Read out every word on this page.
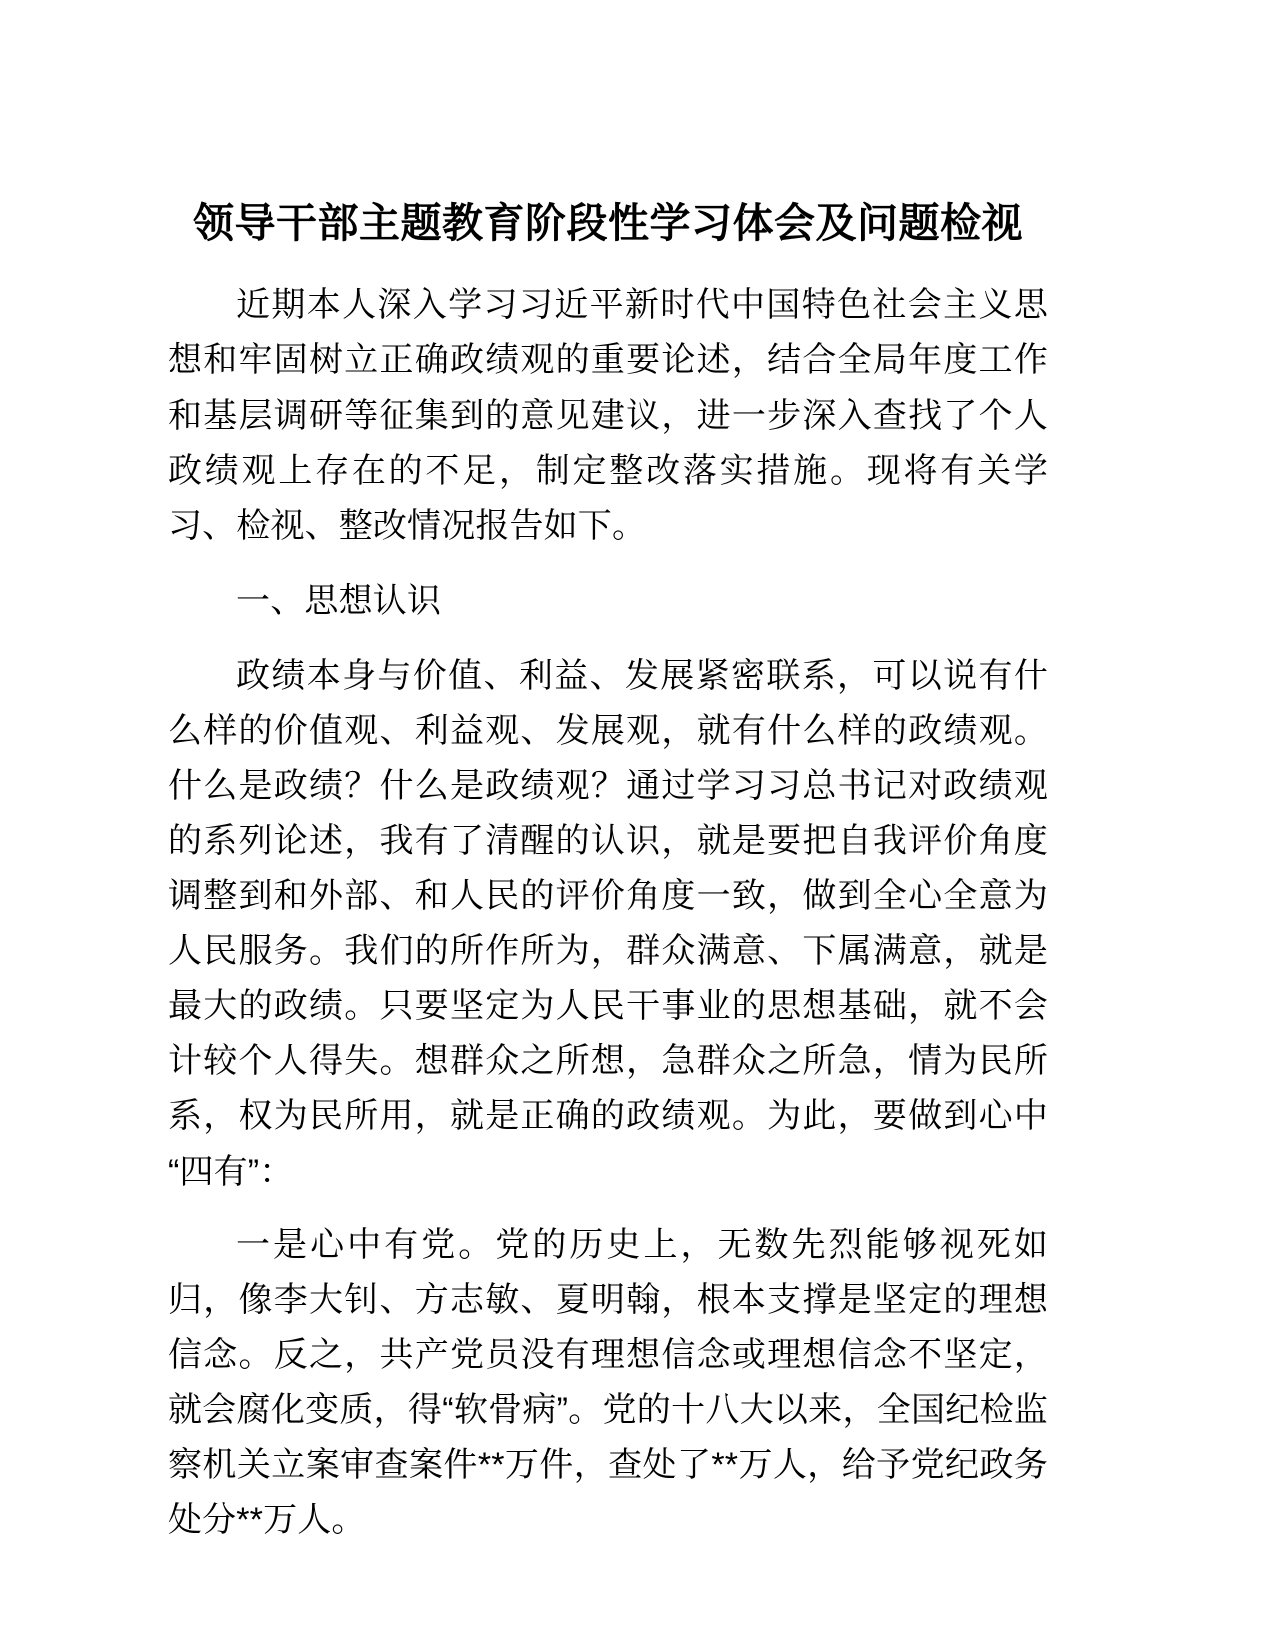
领导干部主题教育阶段性学习体会及问题检视

近期本人深入学习习近平新时代中国特色社会主义思想和牢固树立正确政绩观的重要论述，结合全局年度工作和基层调研等征集到的意见建议，进一步深入查找了个人政绩观上存在的不足，制定整改落实措施。现将有关学习、检视、整改情况报告如下。

一、思想认识

政绩本身与价值、利益、发展紧密联系，可以说有什么样的价值观、利益观、发展观，就有什么样的政绩观。什么是政绩？什么是政绩观？通过学习习总书记对政绩观的系列论述，我有了清醒的认识，就是要把自我评价角度调整到和外部、和人民的评价角度一致，做到全心全意为人民服务。我们的所作所为，群众满意、下属满意，就是最大的政绩。只要坚定为人民干事业的思想基础，就不会计较个人得失。想群众之所想，急群众之所急，情为民所系，权为民所用，就是正确的政绩观。为此，要做到心中“四有”：

一是心中有党。党的历史上，无数先烈能够视死如归，像李大钊、方志敏、夏明翰，根本支撑是坚定的理想信念。反之，共产党员没有理想信念或理想信念不坚定，就会腐化变质，得“软骨病”。党的十八大以来，全国纪检监察机关立案审查案件**万件，查处了**万人，给予党纪政务处分**万人。
